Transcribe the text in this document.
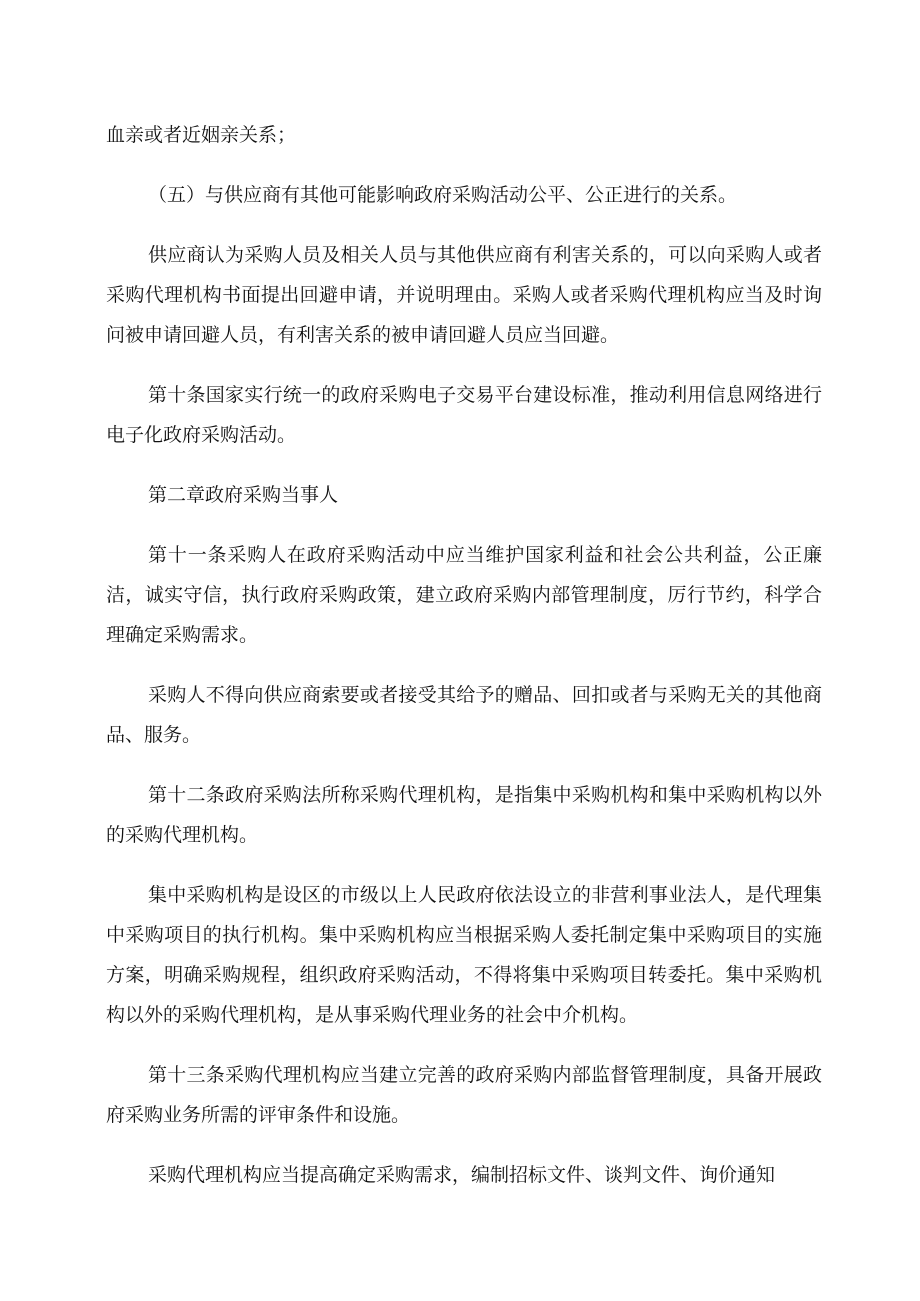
血亲或者近姻亲关系；

（五）与供应商有其他可能影响政府采购活动公平、公正进行的关系。

供应商认为采购人员及相关人员与其他供应商有利害关系的，可以向采购人或者采购代理机构书面提出回避申请，并说明理由。采购人或者采购代理机构应当及时询问被申请回避人员，有利害关系的被申请回避人员应当回避。

第十条国家实行统一的政府采购电子交易平台建设标准，推动利用信息网络进行电子化政府采购活动。

第二章政府采购当事人

第十一条采购人在政府采购活动中应当维护国家利益和社会公共利益，公正廉洁，诚实守信，执行政府采购政策，建立政府采购内部管理制度，厉行节约，科学合理确定采购需求。

采购人不得向供应商索要或者接受其给予的赠品、回扣或者与采购无关的其他商品、服务。

第十二条政府采购法所称采购代理机构，是指集中采购机构和集中采购机构以外的采购代理机构。

集中采购机构是设区的市级以上人民政府依法设立的非营利事业法人，是代理集中采购项目的执行机构。集中采购机构应当根据采购人委托制定集中采购项目的实施方案，明确采购规程，组织政府采购活动，不得将集中采购项目转委托。集中采购机构以外的采购代理机构，是从事采购代理业务的社会中介机构。

第十三条采购代理机构应当建立完善的政府采购内部监督管理制度，具备开展政府采购业务所需的评审条件和设施。

采购代理机构应当提高确定采购需求，编制招标文件、谈判文件、询价通知
